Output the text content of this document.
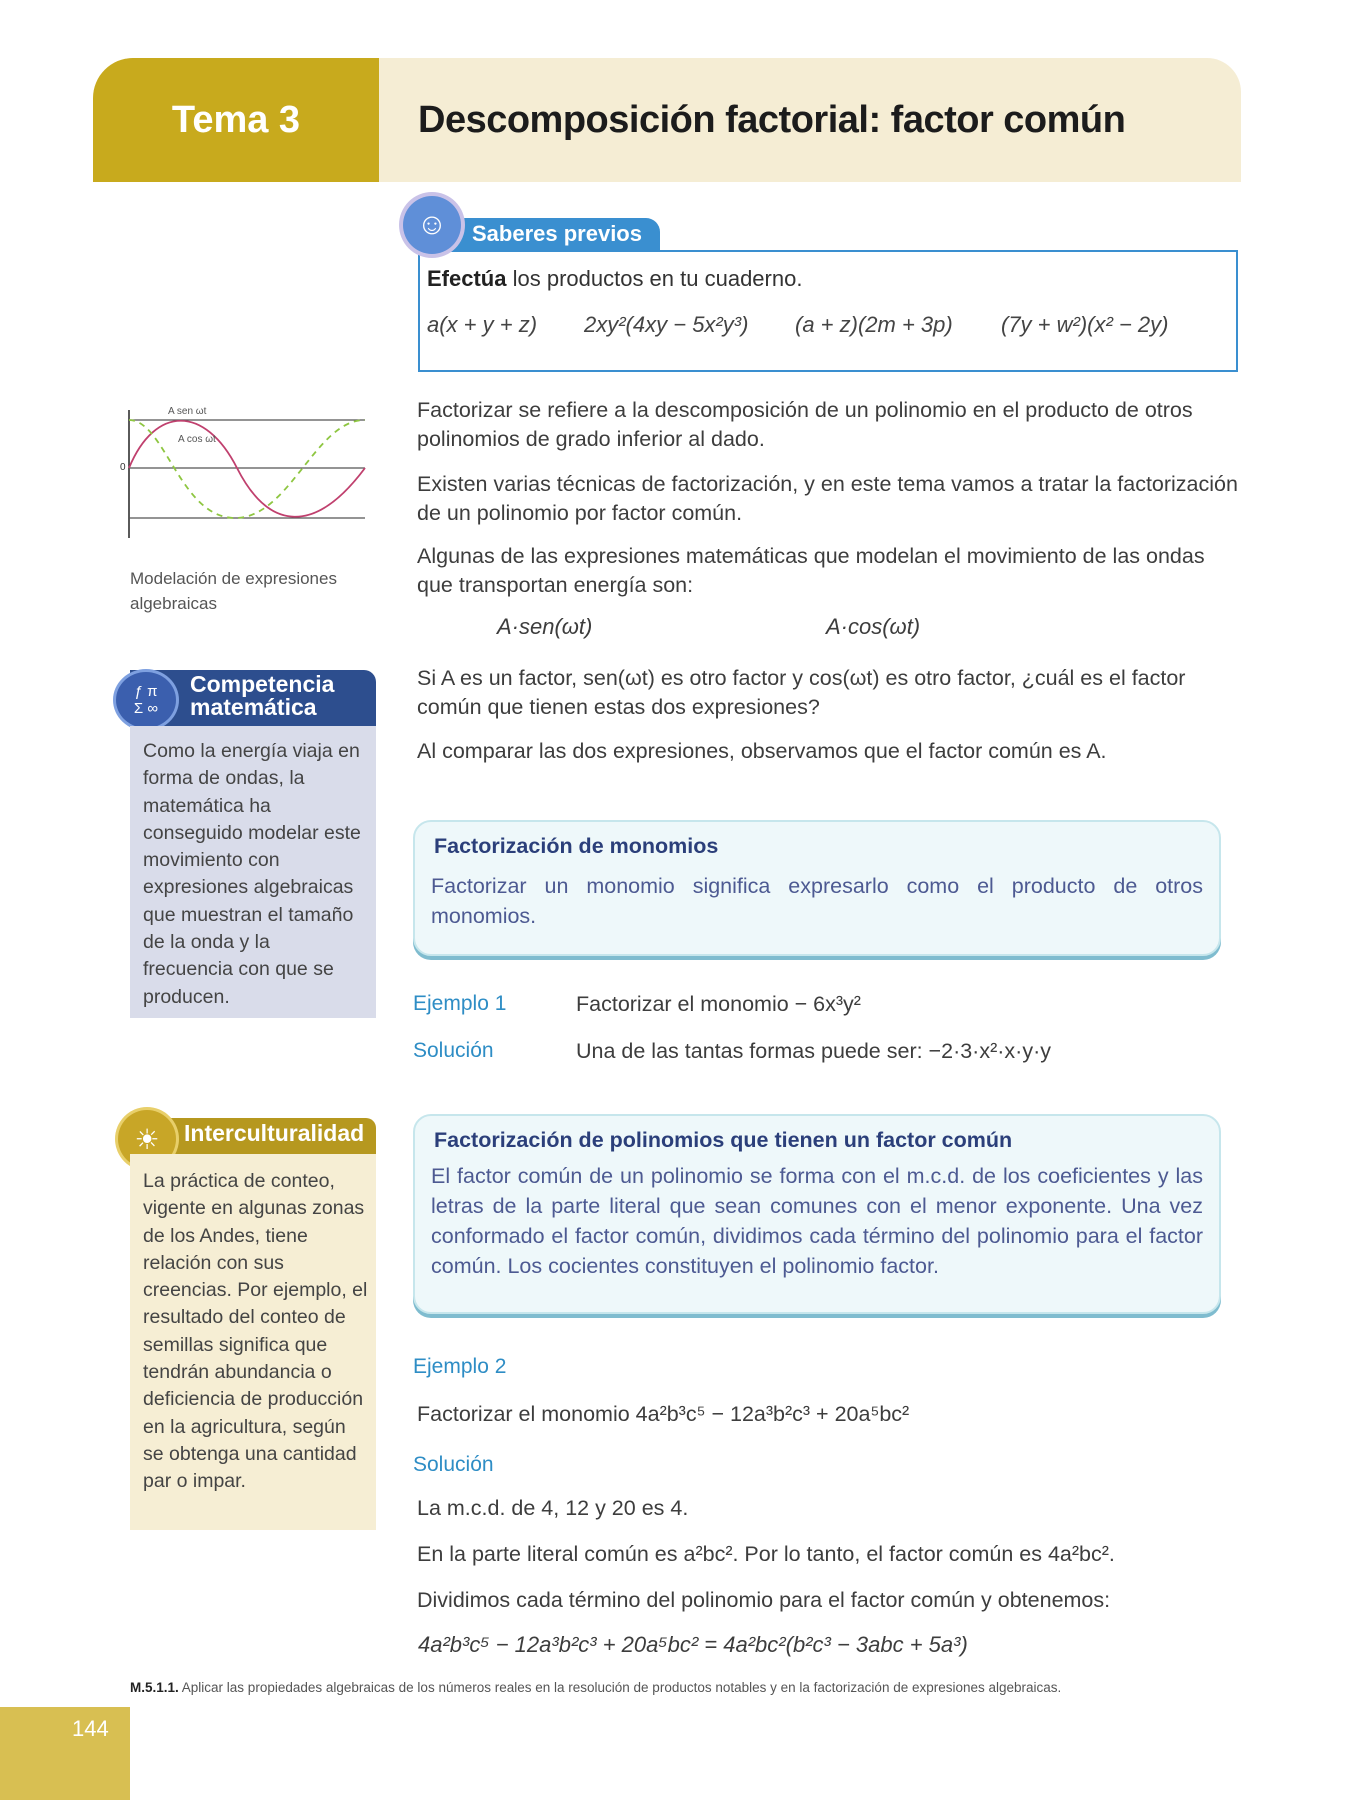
Tema 3	Descomposición factorial: factor común
Saberes previos
☺
Efectúa los productos en tu cuaderno.
a(x + y + z) 2xy²(4xy − 5x²y³) (a + z)(2m + 3p) (7y + w²)(x² − 2y)
A sen ωt
A cos ωt
0
Modelación de expresiones algebraicas
Factorizar se refiere a la descomposición de un polinomio en el producto de otros polinomios de grado inferior al dado.
Existen varias técnicas de factorización, y en este tema vamos a tratar la factorización de un polinomio por factor común.
Algunas de las expresiones matemáticas que modelan el movimiento de las ondas que transportan energía son:
A·sen(ωt)	A·cos(ωt)
Si A es un factor, sen(ωt) es otro factor y cos(ωt) es otro factor, ¿cuál es el factor común que tienen estas dos expresiones?
Al comparar las dos expresiones, observamos que el factor común es A.
ƒ π
Σ ∞
Competencia
matemática
Como la energía viaja en forma de ondas, la matemática ha conseguido modelar este movimiento con expresiones algebraicas que muestran el tamaño de la onda y la frecuencia con que se producen.
Factorización de monomios
Factorizar un monomio significa expresarlo como el producto de otros monomios.
Ejemplo 1	Factorizar el monomio − 6x³y²
Solución	Una de las tantas formas puede ser: −2·3·x²·x·y·y
☀	Interculturalidad
La práctica de conteo, vigente en algunas zonas de los Andes, tiene relación con sus creencias. Por ejemplo, el resultado del conteo de semillas significa que tendrán abundancia o deficiencia de producción en la agricultura, según se obtenga una cantidad par o impar.
Factorización de polinomios que tienen un factor común
El factor común de un polinomio se forma con el m.c.d. de los coeficientes y las letras de la parte literal que sean comunes con el menor exponente. Una vez conformado el factor común, dividimos cada término del polinomio para el factor común. Los cocientes constituyen el polinomio factor.
Ejemplo 2
Factorizar el monomio 4a²b³c⁵ − 12a³b²c³ + 20a⁵bc²
Solución
La m.c.d. de 4, 12 y 20 es 4.
En la parte literal común es a²bc². Por lo tanto, el factor común es 4a²bc².
Dividimos cada término del polinomio para el factor común y obtenemos:
4a²b³c⁵ − 12a³b²c³ + 20a⁵bc² = 4a²bc²(b²c³ − 3abc + 5a³)
M.5.1.1. Aplicar las propiedades algebraicas de los números reales en la resolución de productos notables y en la factorización de expresiones algebraicas.
144
